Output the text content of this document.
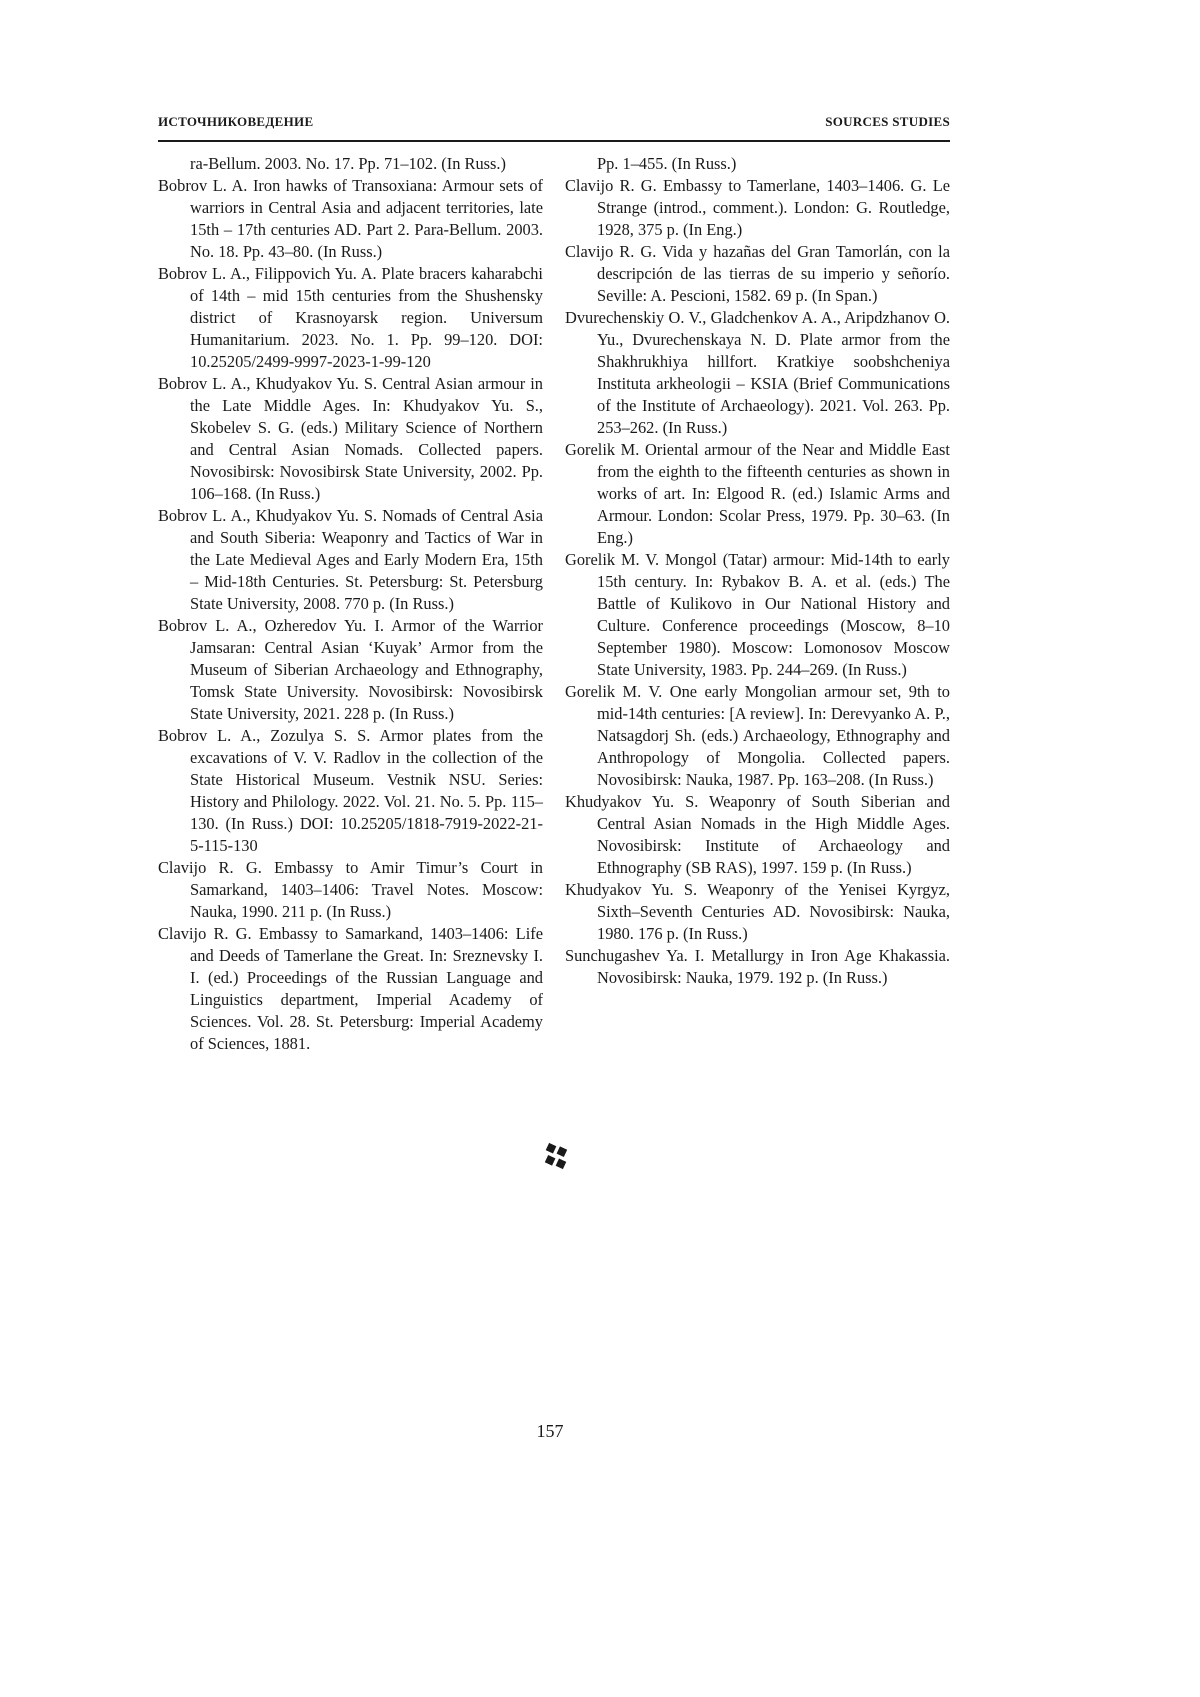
ИСТОЧНИКОВЕДЕНИЕ	SOURCES STUDIES

ra-Bellum. 2003. No. 17. Pp. 71–102. (In Russ.)

Bobrov L. A. Iron hawks of Transoxiana: Armour sets of warriors in Central Asia and adjacent territories, late 15th – 17th centuries AD. Part 2. Para-Bellum. 2003. No. 18. Pp. 43–80. (In Russ.)

Bobrov L. A., Filippovich Yu. A. Plate bracers kaharabchi of 14th – mid 15th centuries from the Shushensky district of Krasnoyarsk region. Universum Humanitarium. 2023. No. 1. Pp. 99–120. DOI: 10.25205/2499-9997-2023-1-99-120

Bobrov L. A., Khudyakov Yu. S. Central Asian armour in the Late Middle Ages. In: Khudyakov Yu. S., Skobelev S. G. (eds.) Military Science of Northern and Central Asian Nomads. Collected papers. Novosibirsk: Novosibirsk State University, 2002. Pp. 106–168. (In Russ.)

Bobrov L. A., Khudyakov Yu. S. Nomads of Central Asia and South Siberia: Weaponry and Tactics of War in the Late Medieval Ages and Early Modern Era, 15th – Mid-18th Centuries. St. Petersburg: St. Petersburg State University, 2008. 770 p. (In Russ.)

Bobrov L. A., Ozheredov Yu. I. Armor of the Warrior Jamsaran: Central Asian ‘Kuyak’ Armor from the Museum of Siberian Archaeology and Ethnography, Tomsk State University. Novosibirsk: Novosibirsk State University, 2021. 228 p. (In Russ.)

Bobrov L. A., Zozulya S. S. Armor plates from the excavations of V. V. Radlov in the collection of the State Historical Museum. Vestnik NSU. Series: History and Philology. 2022. Vol. 21. No. 5. Pp. 115–130. (In Russ.) DOI: 10.25205/1818-7919-2022-21-5-115-130

Clavijo R. G. Embassy to Amir Timur’s Court in Samarkand, 1403–1406: Travel Notes. Moscow: Nauka, 1990. 211 p. (In Russ.)

Clavijo R. G. Embassy to Samarkand, 1403–1406: Life and Deeds of Tamerlane the Great. In: Sreznevsky I. I. (ed.) Proceedings of the Russian Language and Linguistics department, Imperial Academy of Sciences. Vol. 28. St. Petersburg: Imperial Academy of Sciences, 1881.

Pp. 1–455. (In Russ.)

Clavijo R. G. Embassy to Tamerlane, 1403–1406. G. Le Strange (introd., comment.). London: G. Routledge, 1928, 375 p. (In Eng.)

Clavijo R. G. Vida y hazañas del Gran Tamorlán, con la descripción de las tierras de su imperio y señorío. Seville: A. Pescioni, 1582. 69 p. (In Span.)

Dvurechenskiy O. V., Gladchenkov A. A., Aripdzhanov O. Yu., Dvurechenskaya N. D. Plate armor from the Shakhrukhiya hillfort. Kratkiye soobshcheniya Instituta arkheologii – KSIA (Brief Communications of the Institute of Archaeology). 2021. Vol. 263. Pp. 253–262. (In Russ.)

Gorelik M. Oriental armour of the Near and Middle East from the eighth to the fifteenth centuries as shown in works of art. In: Elgood R. (ed.) Islamic Arms and Armour. London: Scolar Press, 1979. Pp. 30–63. (In Eng.)

Gorelik M. V. Mongol (Tatar) armour: Mid-14th to early 15th century. In: Rybakov B. A. et al. (eds.) The Battle of Kulikovo in Our National History and Culture. Conference proceedings (Moscow, 8–10 September 1980). Moscow: Lomonosov Moscow State University, 1983. Pp. 244–269. (In Russ.)

Gorelik M. V. One early Mongolian armour set, 9th to mid-14th centuries: [A review]. In: Derevyanko A. P., Natsagdorj Sh. (eds.) Archaeology, Ethnography and Anthropology of Mongolia. Collected papers. Novosibirsk: Nauka, 1987. Pp. 163–208. (In Russ.)

Khudyakov Yu. S. Weaponry of South Siberian and Central Asian Nomads in the High Middle Ages. Novosibirsk: Institute of Archaeology and Ethnography (SB RAS), 1997. 159 p. (In Russ.)

Khudyakov Yu. S. Weaponry of the Yenisei Kyrgyz, Sixth–Seventh Centuries AD. Novosibirsk: Nauka, 1980. 176 p. (In Russ.)

Sunchugashev Ya. I. Metallurgy in Iron Age Khakassia. Novosibirsk: Nauka, 1979. 192 p. (In Russ.)

157
